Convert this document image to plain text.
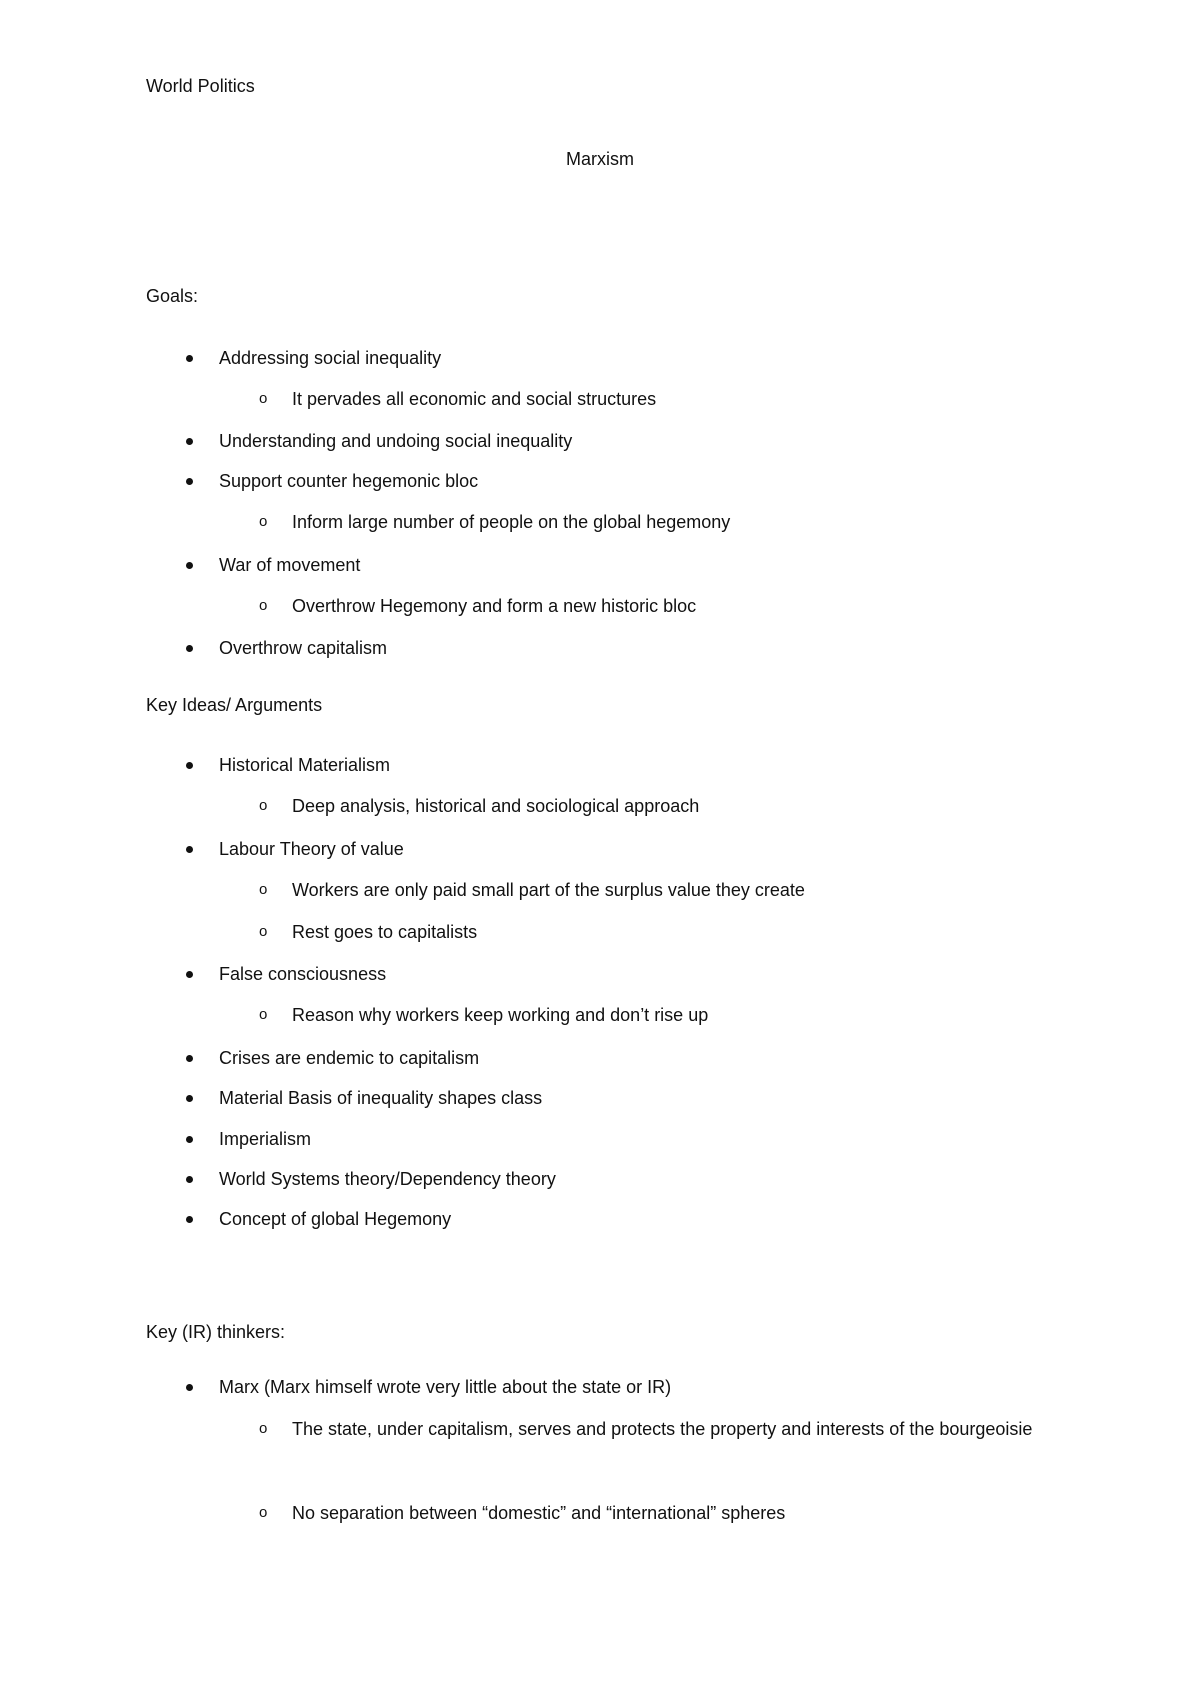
World Politics
Marxism
Goals:
Addressing social inequality
o It pervades all economic and social structures
Understanding and undoing social inequality
Support counter hegemonic bloc
o Inform large number of people on the global hegemony
War of movement
o Overthrow Hegemony and form a new historic bloc
Overthrow capitalism
Key Ideas/ Arguments
Historical Materialism
o Deep analysis, historical and sociological approach
Labour Theory of value
o Workers are only paid small part of the surplus value they create
o Rest goes to capitalists
False consciousness
o Reason why workers keep working and don’t rise up
Crises are endemic to capitalism
Material Basis of inequality shapes class
Imperialism
World Systems theory/Dependency theory
Concept of global Hegemony
Key (IR) thinkers:
Marx (Marx himself wrote very little about the state or IR)
o The state, under capitalism, serves and protects the property and interests of the bourgeoisie
o No separation between “domestic” and “international” spheres
